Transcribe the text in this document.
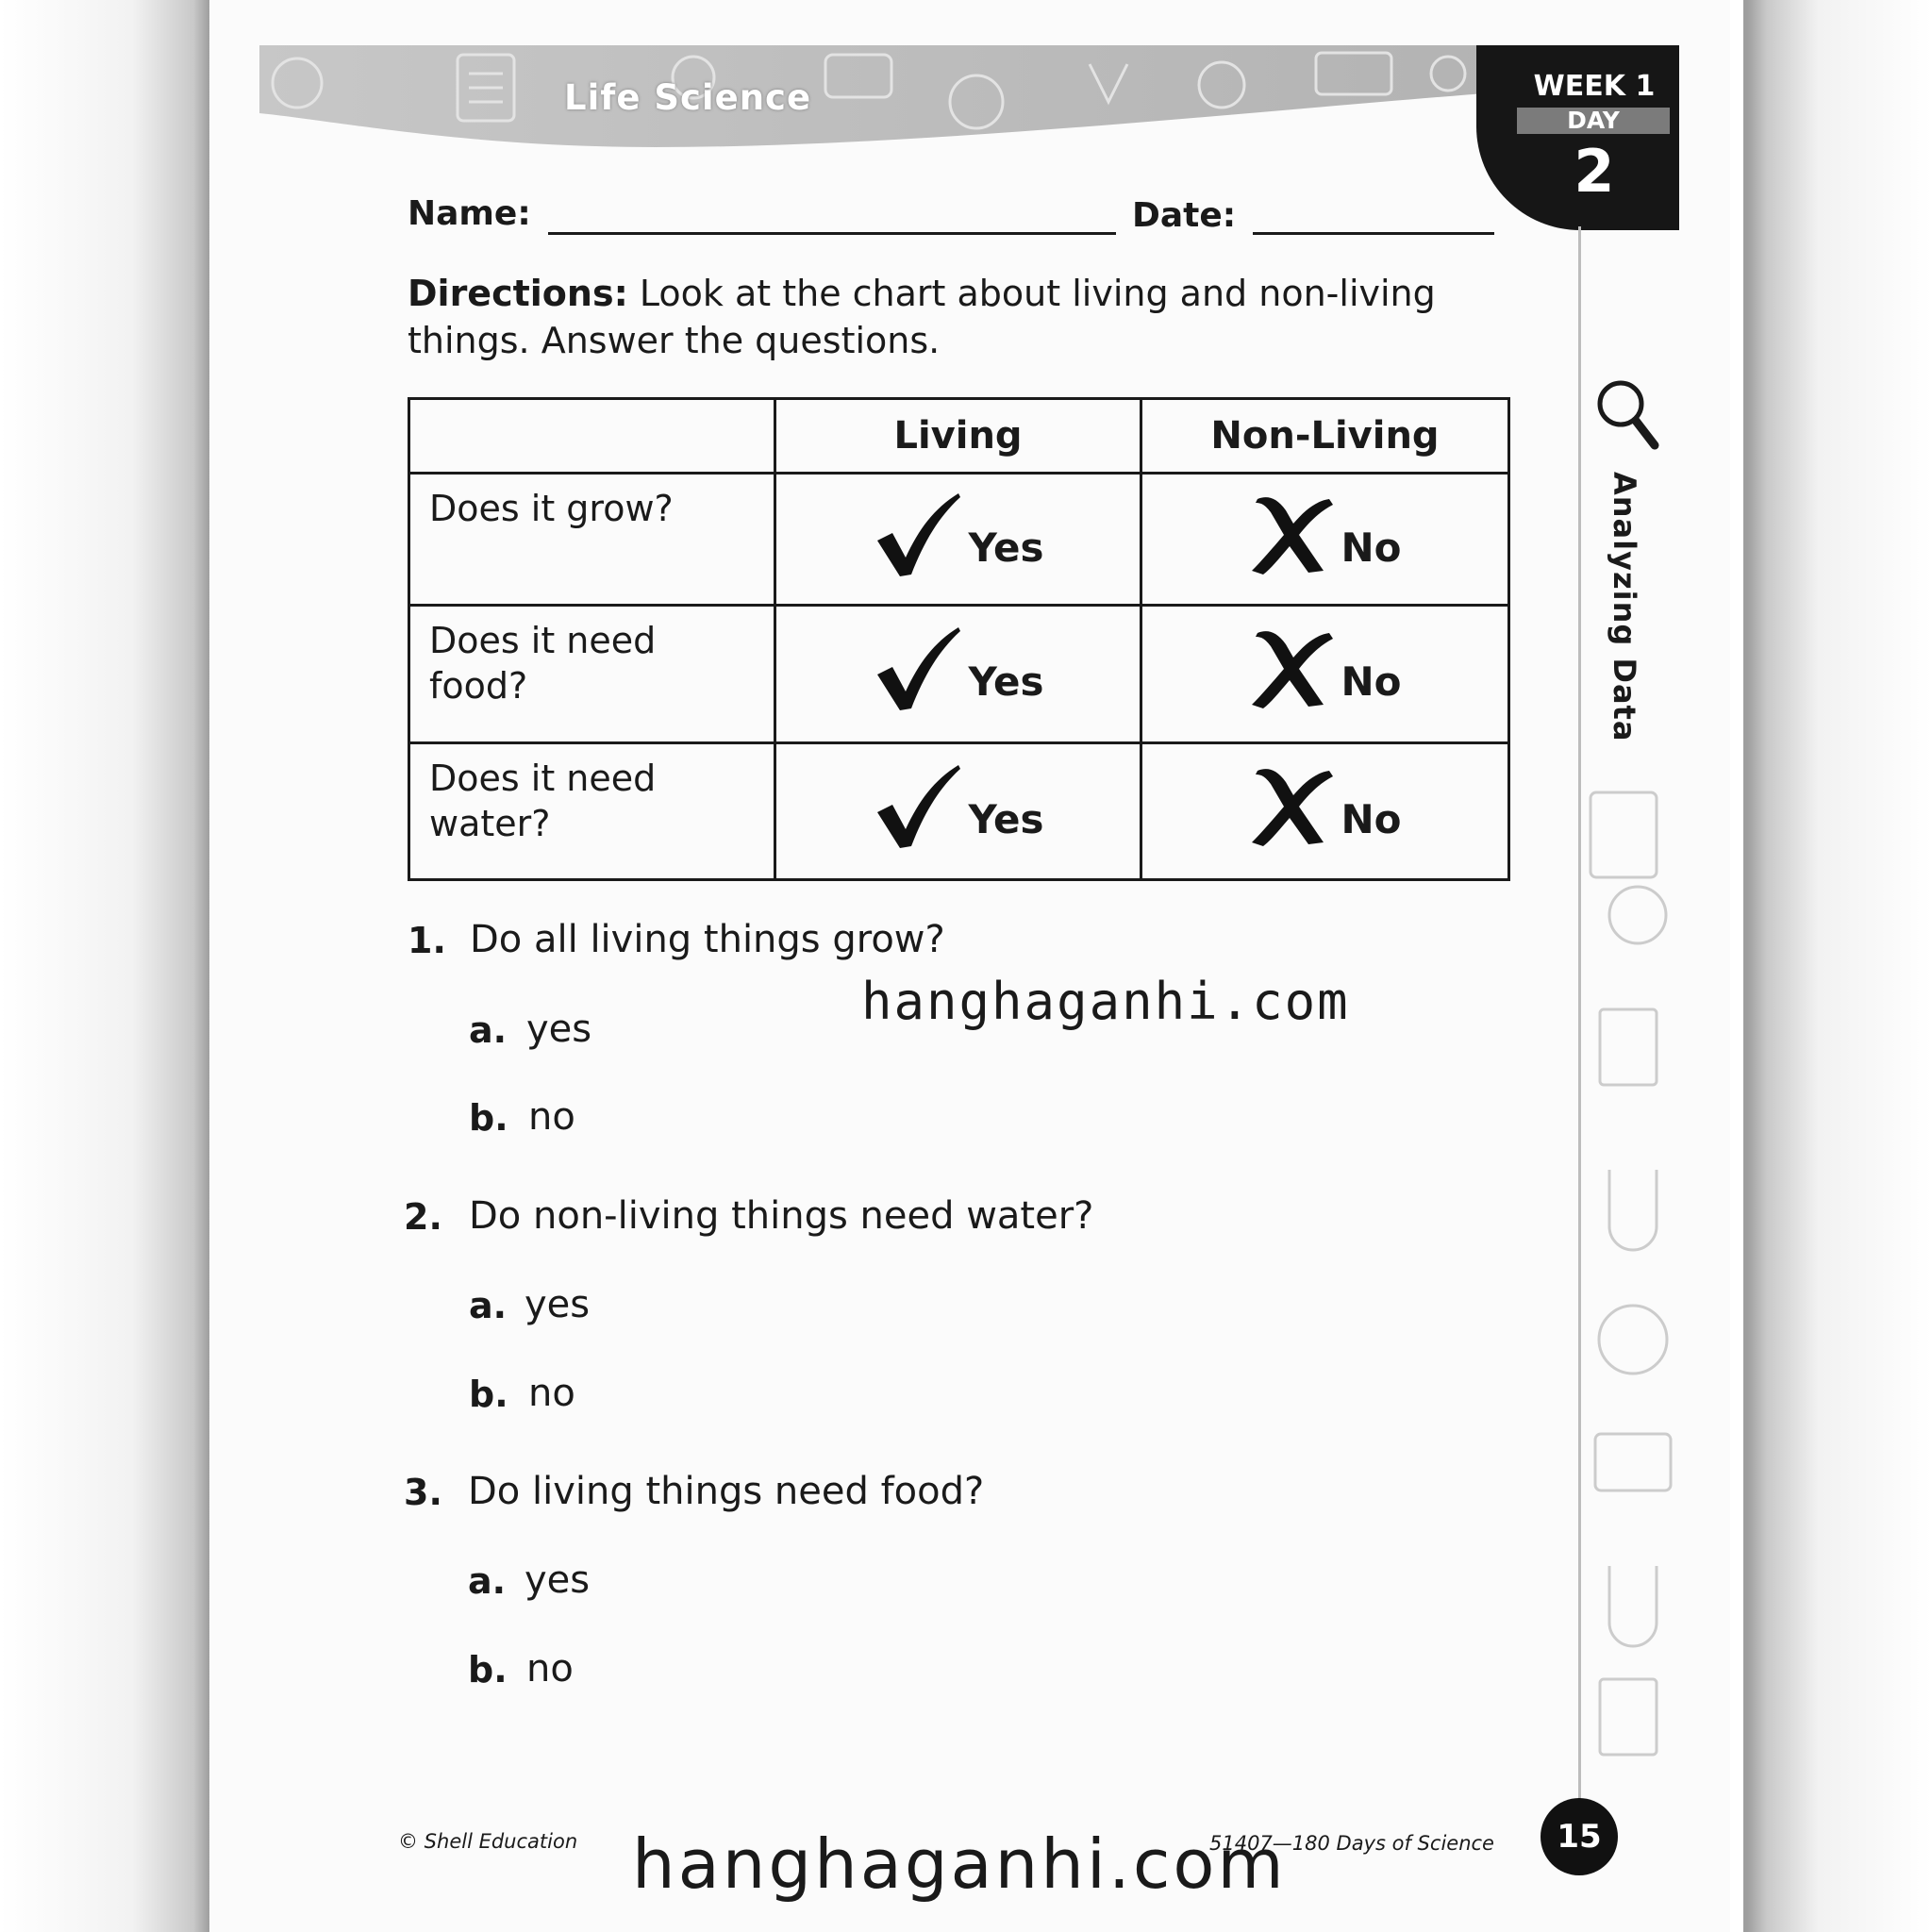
Life Science	WEEK 1
DAY
2
Analyzing Data
Name:	Date:
Directions: Look at the chart about living and non-living things. Answer the questions.
	Living	Non-Living
Does it grow?	Yes	No

Does it need food?	Yes	No

Does it need water?	Yes	No
1. Do all living things grow?
a. yes
b. no
2. Do non-living things need water?
a. yes
b. no
3. Do living things need food?
a. yes
b. no
hanghaganhi.com
hanghaganhi.com
© Shell Education	51407—180 Days of Science	15
